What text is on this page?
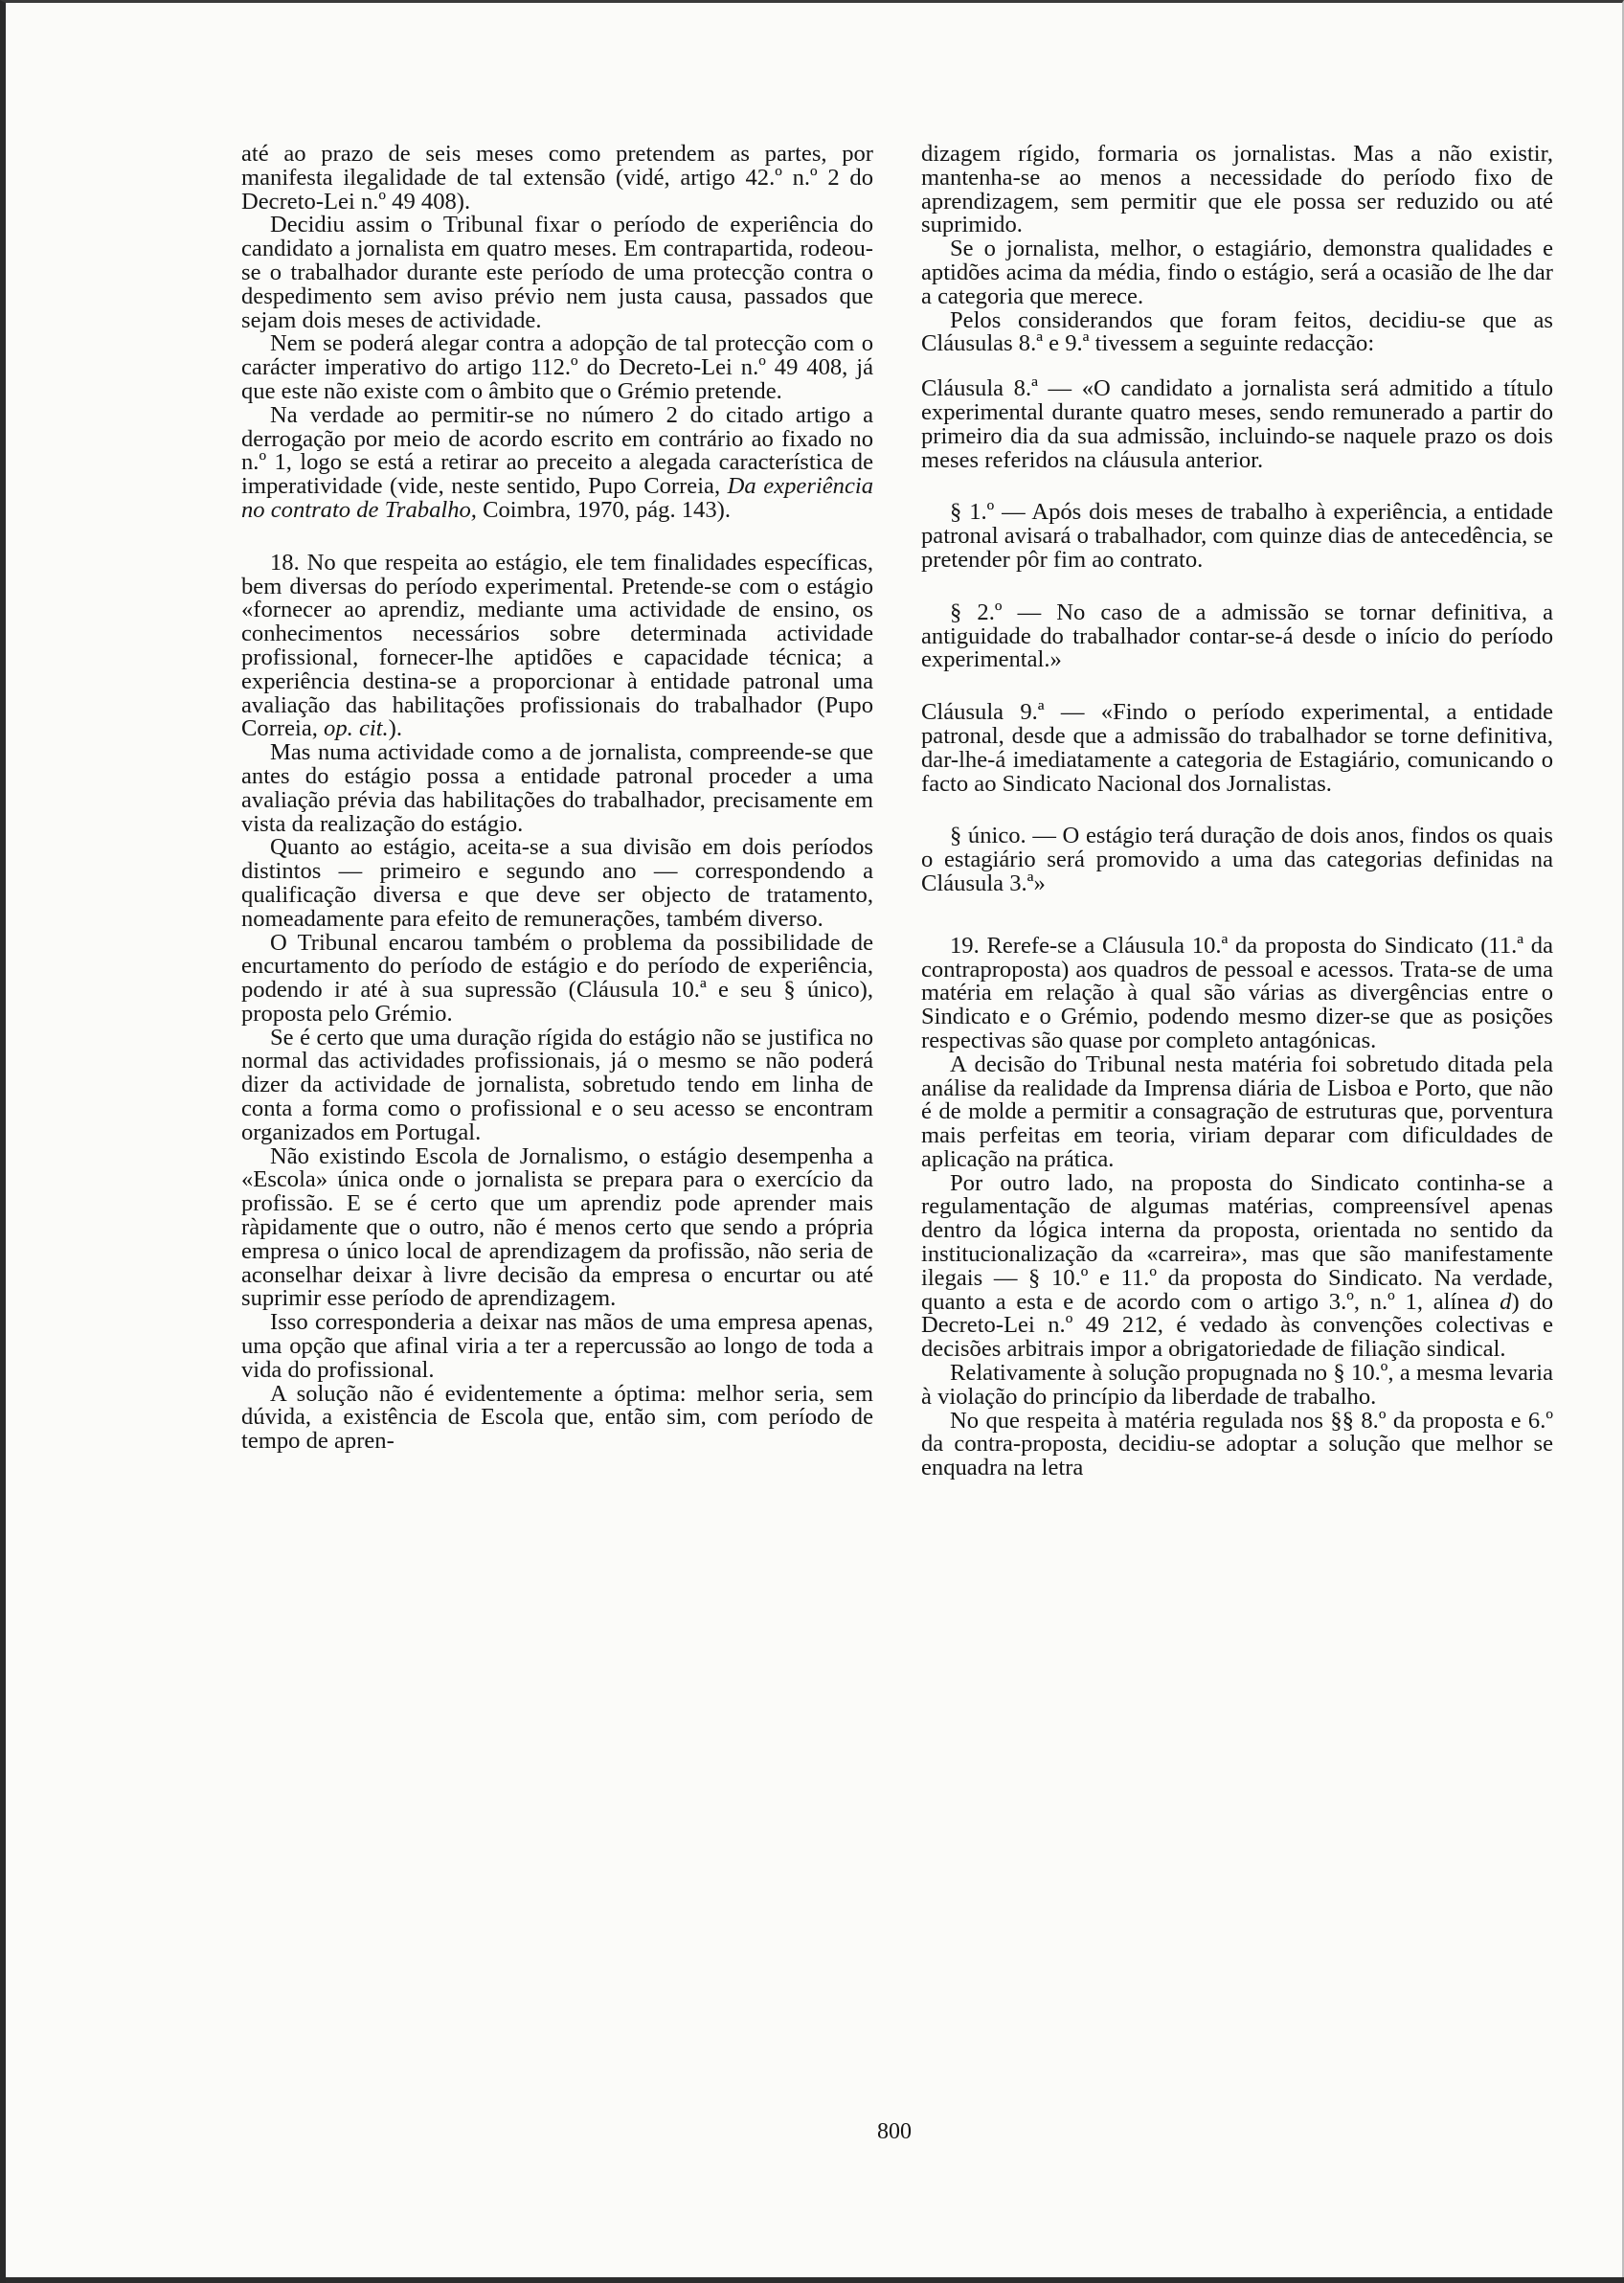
até ao prazo de seis meses como pretendem as partes, por manifesta ilegalidade de tal extensão (vidé, artigo 42.º n.º 2 do Decreto-Lei n.º 49 408).

Decidiu assim o Tribunal fixar o período de experiência do candidato a jornalista em quatro meses. Em contrapartida, rodeou-se o trabalhador durante este período de uma protecção contra o despedimento sem aviso prévio nem justa causa, passados que sejam dois meses de actividade.

Nem se poderá alegar contra a adopção de tal protecção com o carácter imperativo do artigo 112.º do Decreto-Lei n.º 49 408, já que este não existe com o âmbito que o Grémio pretende.

Na verdade ao permitir-se no número 2 do citado artigo a derrogação por meio de acordo escrito em contrário ao fixado no n.º 1, logo se está a retirar ao preceito a alegada característica de imperatividade (vide, neste sentido, Pupo Correia, Da experiência no contrato de Trabalho, Coimbra, 1970, pág. 143).

18. No que respeita ao estágio, ele tem finalidades específicas, bem diversas do período experimental. Pretende-se com o estágio «fornecer ao aprendiz, mediante uma actividade de ensino, os conhecimentos necessários sobre determinada actividade profissional, fornecer-lhe aptidões e capacidade técnica; a experiência destina-se a proporcionar à entidade patronal uma avaliação das habilitações profissionais do trabalhador (Pupo Correia, op. cit.).

Mas numa actividade como a de jornalista, compreende-se que antes do estágio possa a entidade patronal proceder a uma avaliação prévia das habilitações do trabalhador, precisamente em vista da realização do estágio.

Quanto ao estágio, aceita-se a sua divisão em dois períodos distintos — primeiro e segundo ano — correspondendo a qualificação diversa e que deve ser objecto de tratamento, nomeadamente para efeito de remunerações, também diverso.

O Tribunal encarou também o problema da possibilidade de encurtamento do período de estágio e do período de experiência, podendo ir até à sua supressão (Cláusula 10.ª e seu § único), proposta pelo Grémio.

Se é certo que uma duração rígida do estágio não se justifica no normal das actividades profissionais, já o mesmo se não poderá dizer da actividade de jornalista, sobretudo tendo em linha de conta a forma como o profissional e o seu acesso se encontram organizados em Portugal.

Não existindo Escola de Jornalismo, o estágio desempenha a «Escola» única onde o jornalista se prepara para o exercício da profissão. E se é certo que um aprendiz pode aprender mais ràpidamente que o outro, não é menos certo que sendo a própria empresa o único local de aprendizagem da profissão, não seria de aconselhar deixar à livre decisão da empresa o encurtar ou até suprimir esse período de aprendizagem.

Isso corresponderia a deixar nas mãos de uma empresa apenas, uma opção que afinal viria a ter a repercussão ao longo de toda a vida do profissional.

A solução não é evidentemente a óptima: melhor seria, sem dúvida, a existência de Escola que, então sim, com período de tempo de apren-

dizagem rígido, formaria os jornalistas. Mas a não existir, mantenha-se ao menos a necessidade do período fixo de aprendizagem, sem permitir que ele possa ser reduzido ou até suprimido.

Se o jornalista, melhor, o estagiário, demonstra qualidades e aptidões acima da média, findo o estágio, será a ocasião de lhe dar a categoria que merece.

Pelos considerandos que foram feitos, decidiu-se que as Cláusulas 8.ª e 9.ª tivessem a seguinte redacção:

Cláusula 8.ª — «O candidato a jornalista será admitido a título experimental durante quatro meses, sendo remunerado a partir do primeiro dia da sua admissão, incluindo-se naquele prazo os dois meses referidos na cláusula anterior.

§ 1.º — Após dois meses de trabalho à experiência, a entidade patronal avisará o trabalhador, com quinze dias de antecedência, se pretender pôr fim ao contrato.

§ 2.º — No caso de a admissão se tornar definitiva, a antiguidade do trabalhador contar-se-á desde o início do período experimental.»

Cláusula 9.ª — «Findo o período experimental, a entidade patronal, desde que a admissão do trabalhador se torne definitiva, dar-lhe-á imediatamente a categoria de Estagiário, comunicando o facto ao Sindicato Nacional dos Jornalistas.

§ único. — O estágio terá duração de dois anos, findos os quais o estagiário será promovido a uma das categorias definidas na Cláusula 3.ª»

19. Rerefe-se a Cláusula 10.ª da proposta do Sindicato (11.ª da contraproposta) aos quadros de pessoal e acessos. Trata-se de uma matéria em relação à qual são várias as divergências entre o Sindicato e o Grémio, podendo mesmo dizer-se que as posições respectivas são quase por completo antagónicas.

A decisão do Tribunal nesta matéria foi sobretudo ditada pela análise da realidade da Imprensa diária de Lisboa e Porto, que não é de molde a permitir a consagração de estruturas que, porventura mais perfeitas em teoria, viriam deparar com dificuldades de aplicação na prática.

Por outro lado, na proposta do Sindicato continha-se a regulamentação de algumas matérias, compreensível apenas dentro da lógica interna da proposta, orientada no sentido da institucionalização da «carreira», mas que são manifestamente ilegais — § 10.º e 11.º da proposta do Sindicato. Na verdade, quanto a esta e de acordo com o artigo 3.º, n.º 1, alínea d) do Decreto-Lei n.º 49 212, é vedado às convenções colectivas e decisões arbitrais impor a obrigatoriedade de filiação sindical.

Relativamente à solução propugnada no § 10.º, a mesma levaria à violação do princípio da liberdade de trabalho.

No que respeita à matéria regulada nos §§ 8.º da proposta e 6.º da contra-proposta, decidiu-se adoptar a solução que melhor se enquadra na letra

800
